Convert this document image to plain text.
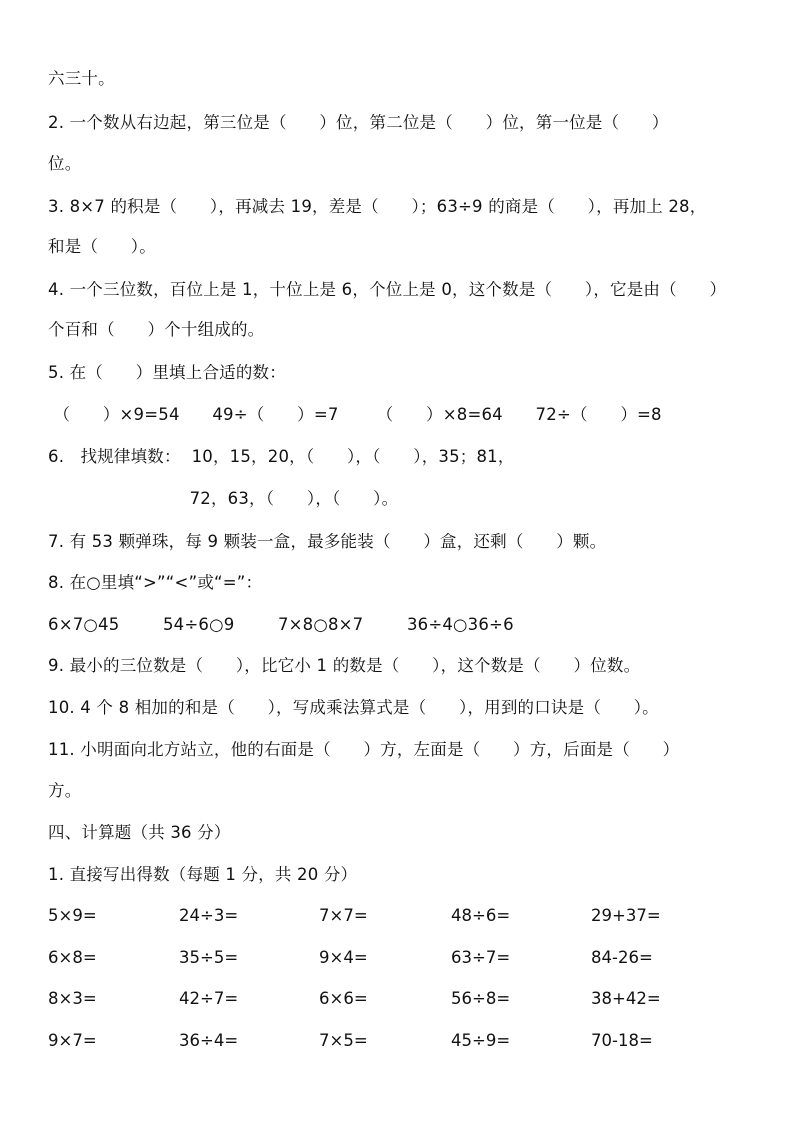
六三十。
2. 一个数从右边起，第三位是（      ）位，第二位是（      ）位，第一位是（      ）
位。
3. 8×7 的积是（      ），再减去 19，差是（      ）；63÷9 的商是（      ），再加上 28，
和是（      ）。
4. 一个三位数，百位上是 1，十位上是 6，个位上是 0，这个数是（      ），它是由（      ）
个百和（      ）个十组成的。
5. 在（      ）里填上合适的数：
（      ）×9=54      49÷（      ）=7       （      ）×8=64      72÷（      ）=8
6.   找规律填数：  10，15，20，（      ），（      ），35；81，
72，63，（      ），（      ）。
7. 有 53 颗弹珠，每 9 颗装一盒，最多能装（      ）盒，还剩（      ）颗。
8. 在○里填“>”“<”或“=”：
6×7○45        54÷6○9        7×8○8×7        36÷4○36÷6
9. 最小的三位数是（      ），比它小 1 的数是（      ），这个数是（      ）位数。
10. 4 个 8 相加的和是（      ），写成乘法算式是（      ），用到的口诀是（      ）。
11. 小明面向北方站立，他的右面是（      ）方，左面是（      ）方，后面是（      ）
方。
四、计算题（共 36 分）
1. 直接写出得数（每题 1 分，共 20 分）
5×9=	24÷3=	7×7=	48÷6=	29+37=
6×8=	35÷5=	9×4=	63÷7=	84-26=
8×3=	42÷7=	6×6=	56÷8=	38+42=
9×7=	36÷4=	7×5=	45÷9=	70-18=
